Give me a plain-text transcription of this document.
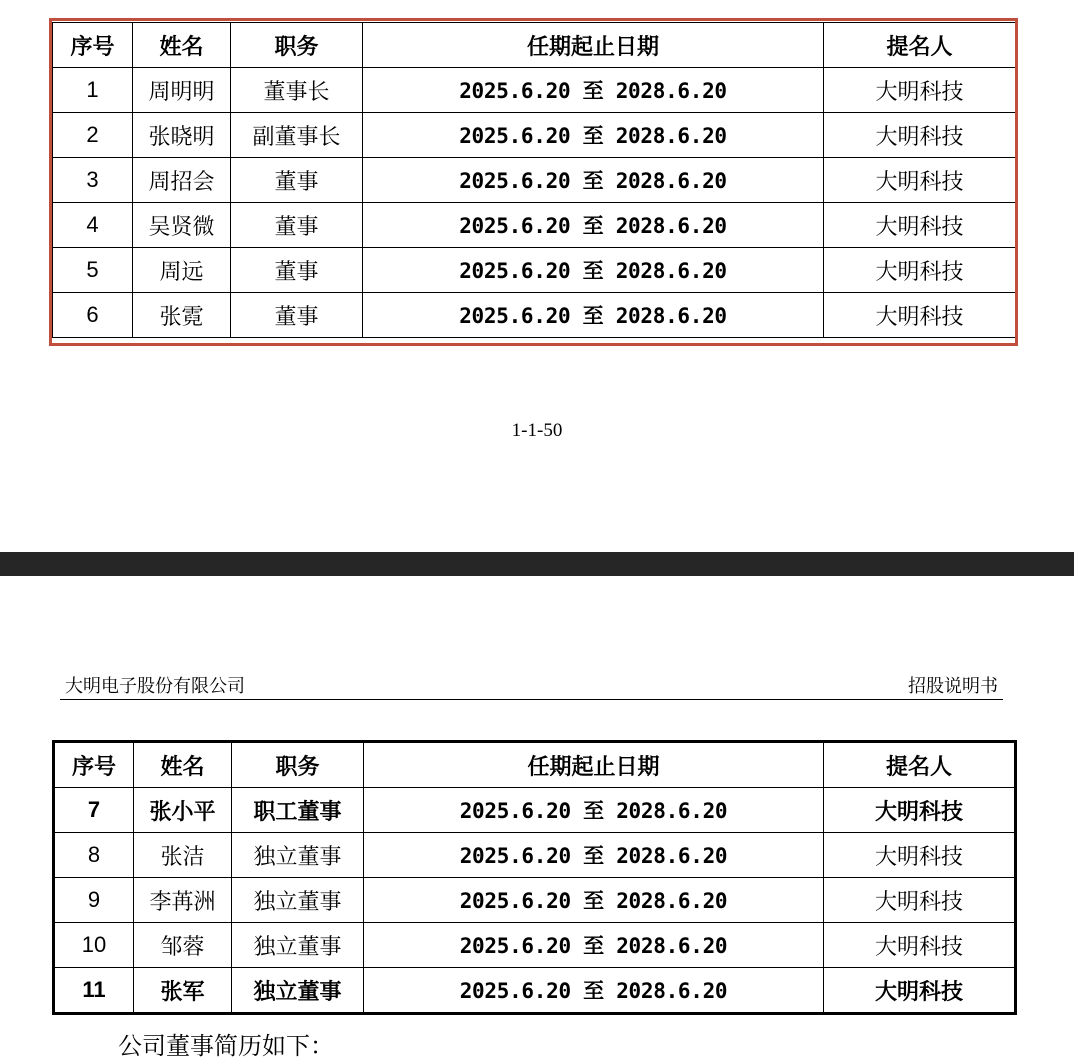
序号	姓名	职务	任期起止日期	提名人
1	周明明	董事长	2025.6.20 至 2028.6.20	大明科技
2	张晓明	副董事长	2025.6.20 至 2028.6.20	大明科技
3	周招会	董事	2025.6.20 至 2028.6.20	大明科技
4	吴贤微	董事	2025.6.20 至 2028.6.20	大明科技
5	周远	董事	2025.6.20 至 2028.6.20	大明科技
6	张霓	董事	2025.6.20 至 2028.6.20	大明科技
1-1-50
大明电子股份有限公司	招股说明书
序号	姓名	职务	任期起止日期	提名人
7	张小平	职工董事	2025.6.20 至 2028.6.20	大明科技
8	张洁	独立董事	2025.6.20 至 2028.6.20	大明科技
9	李苒洲	独立董事	2025.6.20 至 2028.6.20	大明科技
10	邹蓉	独立董事	2025.6.20 至 2028.6.20	大明科技
11	张军	独立董事	2025.6.20 至 2028.6.20	大明科技
公司董事简历如下：
